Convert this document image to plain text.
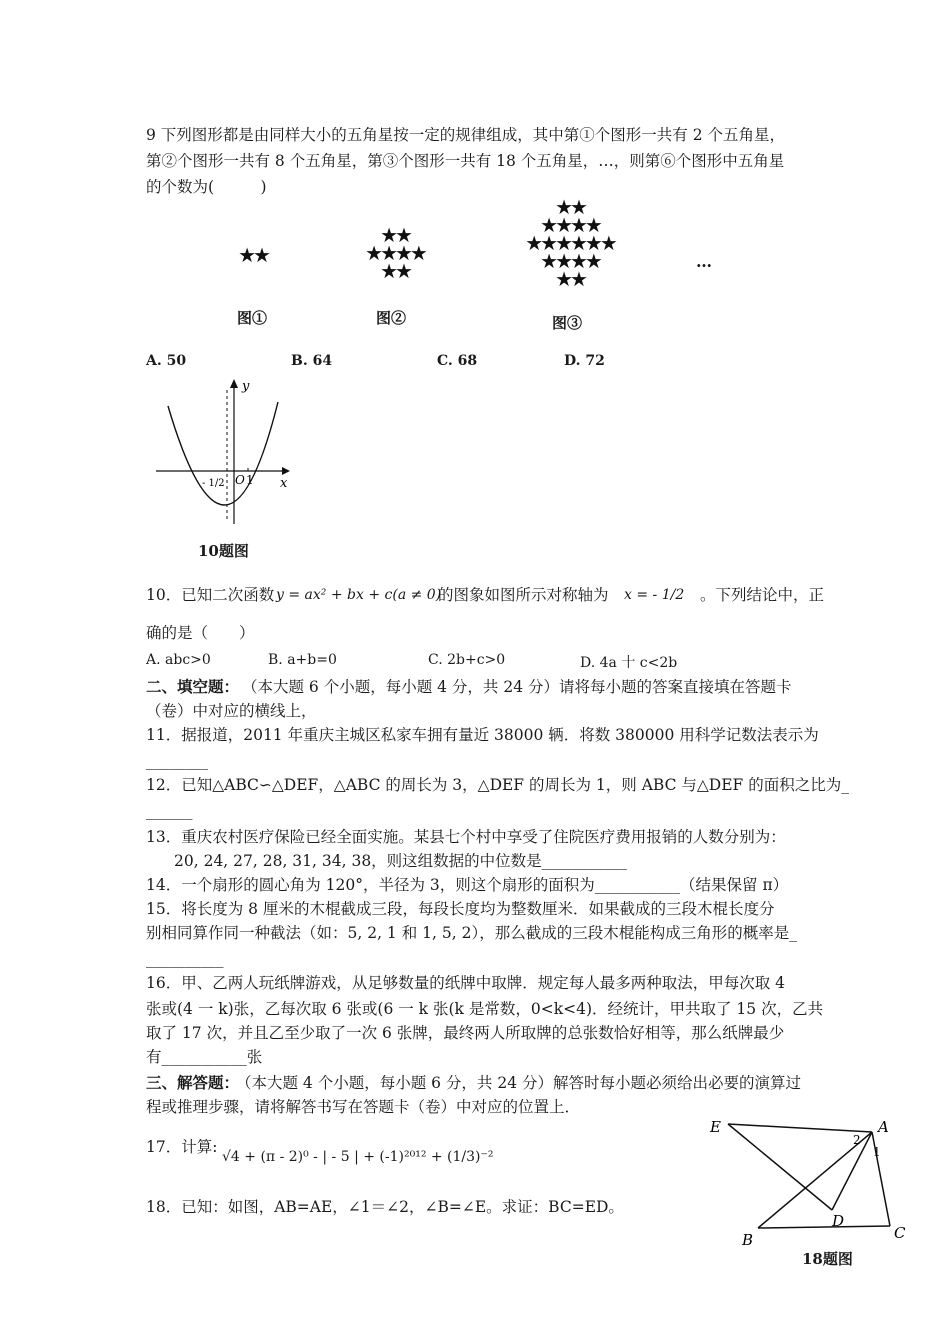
9 下列图形都是由同样大小的五角星按一定的规律组成，其中第①个图形一共有 2 个五角星，
第②个图形一共有 8 个五角星，第③个图形一共有 18 个五角星，…，则第⑥个图形中五角星
的个数为(　　　)
★★
★★
★★★★
★★
★★
★★★★
★★★★★★
★★★★
★★
…
图①	图②	图③
A. 50	B. 64	C. 68	D. 72
y
x
O 1
- 1/2
10题图
10．已知二次函数 y = ax² + bx + c(a ≠ 0)
的图象如图所示对称轴为 x = - 1/2 。下列结论中，正
确的是（　　）
A. abc>0	B. a+b=0	C. 2b+c>0	D. 4a 十 c<2b
二、填空题： （本大题 6 个小题，每小题 4 分，共 24 分）请将每小题的答案直接填在答题卡
（卷）中对应的横线上，
11．据报道，2011 年重庆主城区私家车拥有量近 38000 辆．将数 380000 用科学记数法表示为
________
12．已知△ABC∽△DEF，△ABC 的周长为 3，△DEF 的周长为 1，则 ABC 与△DEF 的面积之比为_
______
13．重庆农村医疗保险已经全面实施。某县七个村中享受了住院医疗费用报销的人数分别为：
20, 24, 27, 28, 31, 34, 38，则这组数据的中位数是___________
14．一个扇形的圆心角为 120°，半径为 3，则这个扇形的面积为___________（结果保留 π）
15．将长度为 8 厘米的木棍截成三段，每段长度均为整数厘米．如果截成的三段木棍长度分
别相同算作同一种截法（如：5, 2, 1 和 1, 5, 2），那么截成的三段木棍能构成三角形的概率是_
__________
16．甲、乙两人玩纸牌游戏，从足够数量的纸牌中取牌．规定每人最多两种取法，甲每次取 4
张或(4 一 k)张，乙每次取 6 张或(6 一 k 张(k 是常数，0<k<4)．经统计，甲共取了 15 次，乙共
取了 17 次，并且乙至少取了一次 6 张牌，最终两人所取牌的总张数恰好相等，那么纸牌最少
有___________张
三、解答题：
（本大题 4 个小题，每小题 6 分，共 24 分）解答时每小题必须给出必要的演算过
程或推理步骤，请将解答书写在答题卡（卷）中对应的位置上．
17．计算:
√4 + (π - 2)⁰ - | - 5 | + (-1)²⁰¹² + (1/3)⁻²
18．已知：如图，AB=AE，∠1＝∠2，∠B=∠E。求证：BC=ED。
E	A
B	C
D
1
2
18题图
